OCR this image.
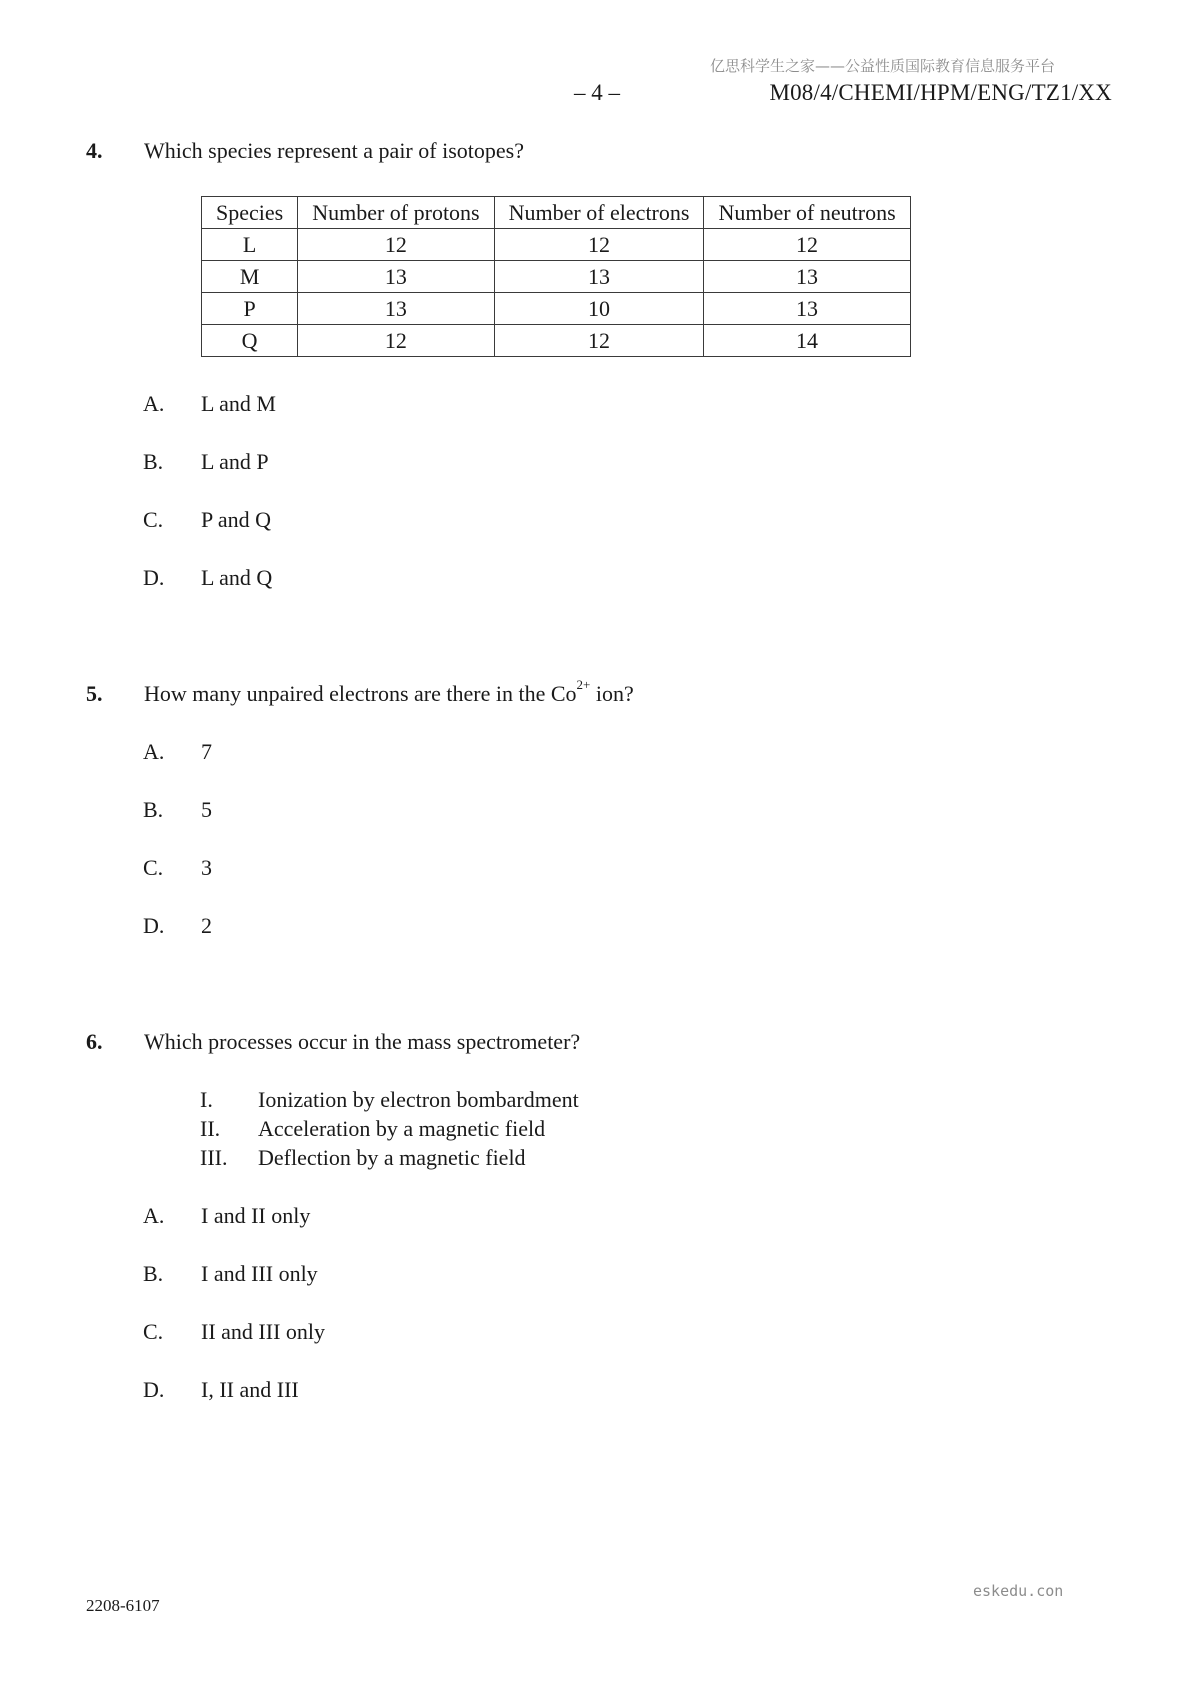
亿思科学生之家——公益性质国际教育信息服务平台
– 4 –	M08/4/CHEMI/HPM/ENG/TZ1/XX
4. Which species represent a pair of isotopes?
Species	Number of protons	Number of electrons	Number of neutrons
L	12	12	12
M	13	13	13
P	13	10	13
Q	12	12	14
A. L and M
B. L and P
C. P and Q
D. L and Q
5. How many unpaired electrons are there in the $Co^{2+}$ ion?
A. 7
B. 5
C. 3
D. 2
6. Which processes occur in the mass spectrometer?
I. Ionization by electron bombardment
II. Acceleration by a magnetic field
III. Deflection by a magnetic field
A. I and II only
B. I and III only
C. II and III only
D. I, II and III
2208-6107
eskedu.con
